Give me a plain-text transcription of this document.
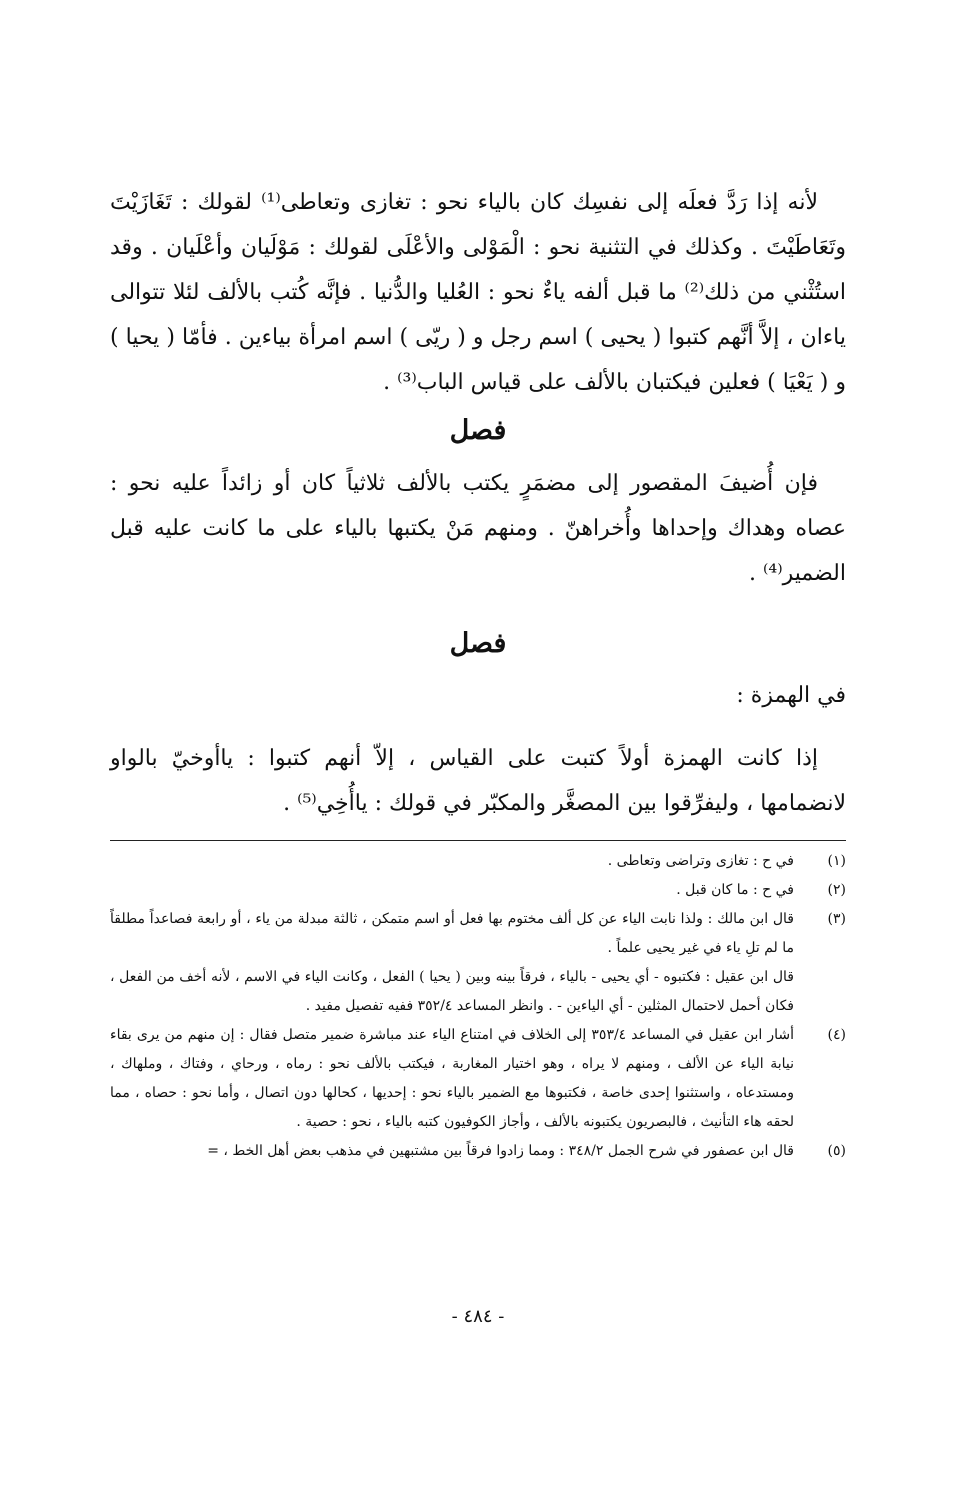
لأنه إذا رَدَّ فعلَه إلى نفسِك كان بالياء نحو : تغازى وتعاطى⁽¹⁾ لقولك : تَغَازَيْتَ وتَعَاطَيْتَ . وكذلك في التثنية نحو : الْمَوْلى والأعْلَى لقولك : مَوْلَيان وأعْلَيان . وقد استُثْني من ذلك⁽²⁾ ما قبل ألفه ياءٌ نحو : العُليا والدُّنيا . فإنَّه كُتب بالألف لئلا تتوالى ياءان ، إلاَّ أنَّهم كتبوا ( يحيى ) اسم رجل و ( ريّى ) اسم امرأة بياءين . فأمّا ( يحيا ) و ( يَعْيَا ) فعلين فيكتبان بالألف على قياس الباب⁽³⁾ .

فصل

فإن أُضيفَ المقصور إلى مضمَرٍ يكتب بالألف ثلاثياً كان أو زائداً عليه نحو : عصاه وهداك وإحداها وأُخراهنّ . ومنهم مَنْ يكتبها بالياء على ما كانت عليه قبل الضمير⁽⁴⁾ .

فصل
في الهمزة :

إذا كانت الهمزة أولاً كتبت على القياس ، إلاّ أنهم كتبوا : ياأوخيّ بالواو لانضمامها ، وليفرِّقوا بين المصغَّر والمكبّر في قولك : ياأُخِي⁽⁵⁾ .

(١)

في ح : تغازى وتراضى وتعاطى .

(٢)

في ح : ما كان قبل .

(٣)

قال ابن مالك : ولذا نابت الياء عن كل ألف مختوم بها فعل أو اسم متمكن ، ثالثة مبدلة من ياء ، أو رابعة فصاعداً مطلقاً ما لم تلِ ياء في غير يحيى علماً .

قال ابن عقيل : فكتبوه - أي يحيى - بالياء ، فرقاً بينه وبين ( يحيا ) الفعل ، وكانت الياء في الاسم ، لأنه أخف من الفعل ، فكان أحمل لاحتمال المثلين - أي الياءين - . وانظر المساعد ٣٥٢/٤ ففيه تفصيل مفيد .

(٤)

أشار ابن عقيل في المساعد ٣٥٣/٤ إلى الخلاف في امتناع الياء عند مباشرة ضمير متصل فقال : إن منهم من يرى بقاء نيابة الياء عن الألف ، ومنهم لا يراه ، وهو اختيار المغاربة ، فيكتب بالألف نحو : رماه ، ورحاي ، وفتاك ، وملهاك ، ومستدعاه ، واستثنوا إحدى خاصة ، فكتبوها مع الضمير بالياء نحو : إحديها ، كحالها دون اتصال ، وأما نحو : حصاه ، مما لحقه هاء التأنيث ، فالبصريون يكتبونه بالألف ، وأجاز الكوفيون كتبه بالياء ، نحو : حصية .

(٥)

قال ابن عصفور في شرح الجمل ٣٤٨/٢ : ومما زادوا فرقاً بين مشتبهين في مذهب بعض أهل الخط ، =

- ٤٨٤ -
